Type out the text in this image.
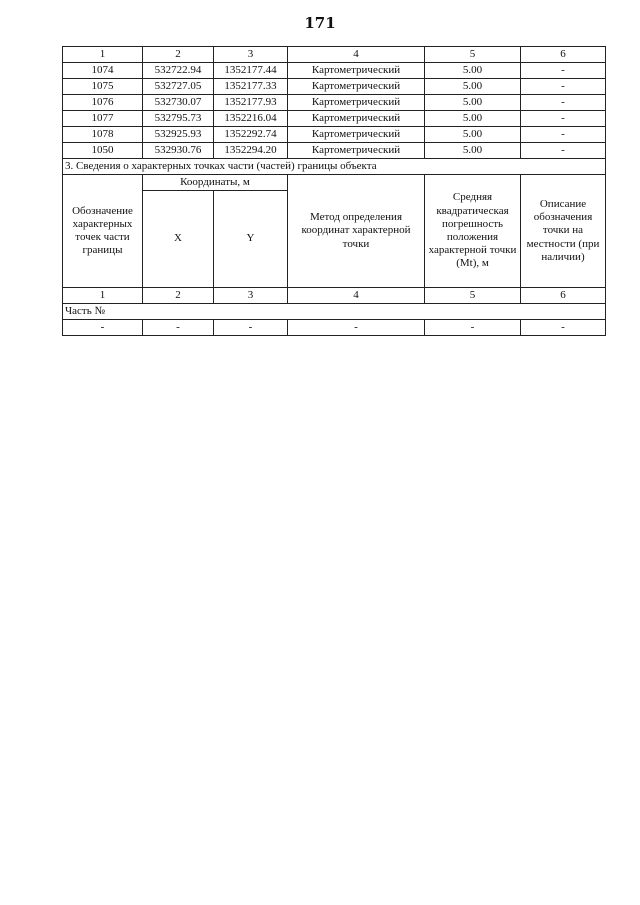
171
1	2	3	4	5	6
1074	532722.94	1352177.44	Картометрический	5.00	-
1075	532727.05	1352177.33	Картометрический	5.00	-
1076	532730.07	1352177.93	Картометрический	5.00	-
1077	532795.73	1352216.04	Картометрический	5.00	-
1078	532925.93	1352292.74	Картометрический	5.00	-
1050	532930.76	1352294.20	Картометрический	5.00	-
3. Сведения о характерных точках части (частей) границы объекта					
Обозначение характерных точек части границы	Координаты, м		Метод определения координат характерной точки	Средняя квадратическая погрешность положения характерной точки (Mt), м	Описание обозначения точки на местности (при наличии)
	X	Y			
1	2	3	4	5	6
Часть №					
-	-	-	-	-	-
